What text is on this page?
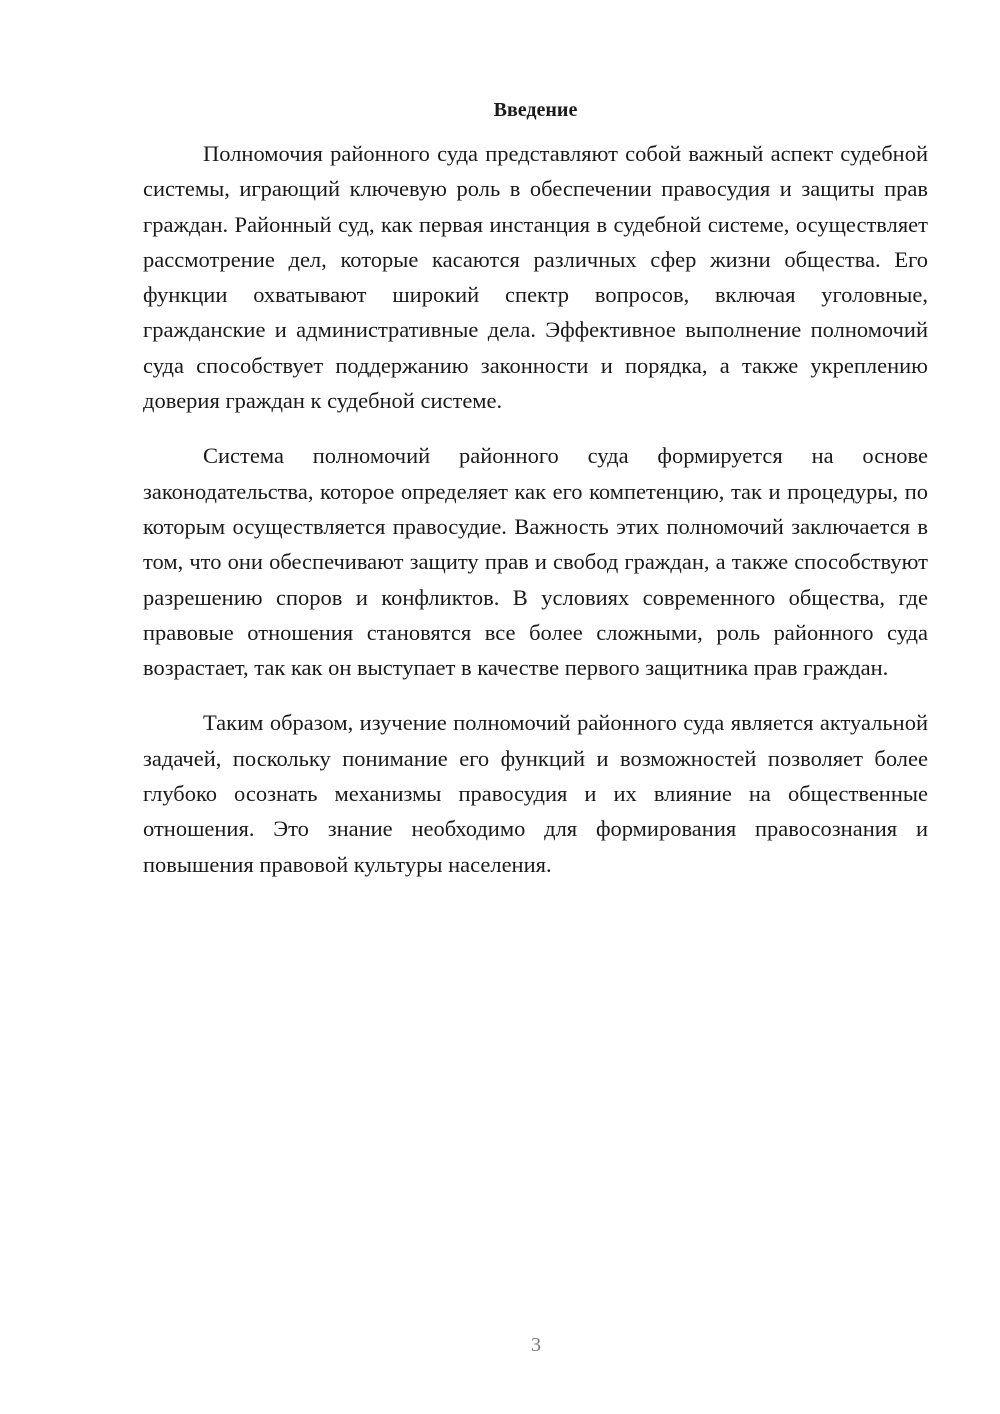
Введение

Полномочия районного суда представляют собой важный аспект судебной системы, играющий ключевую роль в обеспечении правосудия и защиты прав граждан. Районный суд, как первая инстанция в судебной системе, осуществляет рассмотрение дел, которые касаются различных сфер жизни общества. Его функции охватывают широкий спектр вопросов, включая уголовные, гражданские и административные дела. Эффективное выполнение полномочий суда способствует поддержанию законности и порядка, а также укреплению доверия граждан к судебной системе.

Система полномочий районного суда формируется на основе законодательства, которое определяет как его компетенцию, так и процедуры, по которым осуществляется правосудие. Важность этих полномочий заключается в том, что они обеспечивают защиту прав и свобод граждан, а также способствуют разрешению споров и конфликтов. В условиях современного общества, где правовые отношения становятся все более сложными, роль районного суда возрастает, так как он выступает в качестве первого защитника прав граждан.

Таким образом, изучение полномочий районного суда является актуальной задачей, поскольку понимание его функций и возможностей позволяет более глубоко осознать механизмы правосудия и их влияние на общественные отношения. Это знание необходимо для формирования правосознания и повышения правовой культуры населения.

3
